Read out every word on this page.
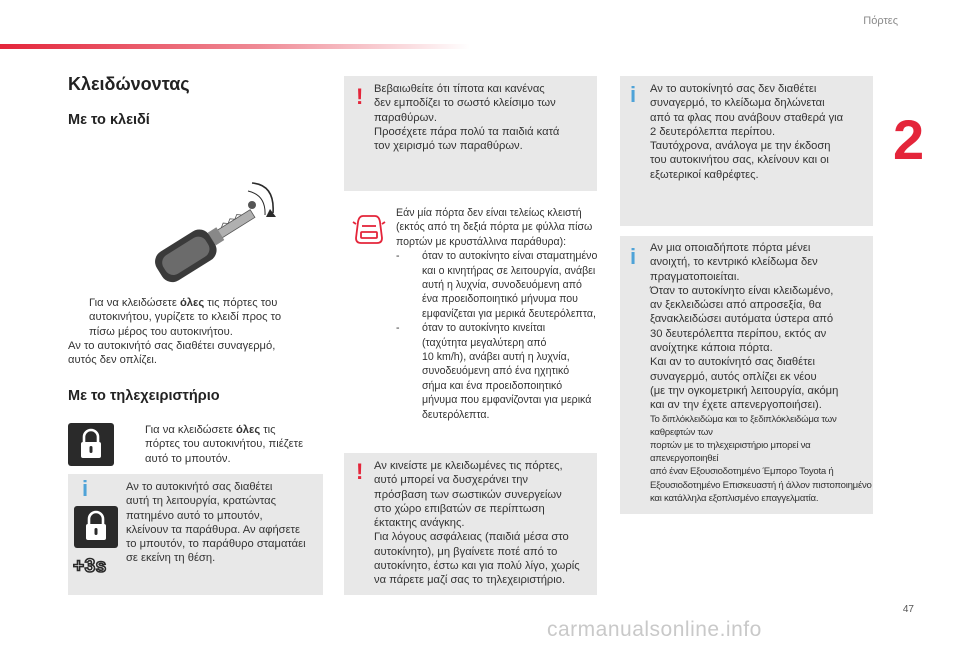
Πόρτες
2
Κλειδώνοντας
Με το κλειδί
Για να κλειδώσετε όλες τις πόρτες του
αυτοκινήτου, γυρίζετε το κλειδί προς το
πίσω μέρος του αυτοκινήτου.
Αν το αυτοκινήτό σας διαθέτει συναγερμό,
αυτός δεν οπλίζει.
Με το τηλεχειριστήριο
Για να κλειδώσετε όλες τις
πόρτες του αυτοκινήτου, πιέζετε
αυτό το μπουτόν.
i
+3s
Αν το αυτοκινήτό σας διαθέτει
αυτή τη λειτουργία, κρατώντας
πατημένο αυτό το μπουτόν,
κλείνουν τα παράθυρα. Αν αφήσετε
το μπουτόν, το παράθυρο σταματάει
σε εκείνη τη θέση.
! Βεβαιωθείτε ότι τίποτα και κανένας
δεν εμποδίζει το σωστό κλείσιμο των
παραθύρων.
Προσέχετε πάρα πολύ τα παιδιά κατά
τον χειρισμό των παραθύρων.
Εάν μία πόρτα δεν είναι τελείως κλειστή
(εκτός από τη δεξιά πόρτα με φύλλα πίσω
πορτών με κρυστάλλινα παράθυρα):
-	όταν το αυτοκίνητο είναι σταματημένο
και ο κινητήρας σε λειτουργία, ανάβει
αυτή η λυχνία, συνοδευόμενη από
ένα προειδοποιητικό μήνυμα που
εμφανίζεται για μερικά δευτερόλεπτα,
-	όταν το αυτοκίνητο κινείται
(ταχύτητα μεγαλύτερη από
10 km/h), ανάβει αυτή η λυχνία,
συνοδευόμενη από ένα ηχητικό
σήμα και ένα προειδοποιητικό
μήνυμα που εμφανίζονται για μερικά
δευτερόλεπτα.
! Αν κινείστε με κλειδωμένες τις πόρτες,
αυτό μπορεί να δυσχεράνει την
πρόσβαση των σωστικών συνεργείων
στο χώρο επιβατών σε περίπτωση
έκτακτης ανάγκης.
Για λόγους ασφάλειας (παιδιά μέσα στο
αυτοκίνητο), μη βγαίνετε ποτέ από το
αυτοκίνητο, έστω και για πολύ λίγο, χωρίς
να πάρετε μαζί σας το τηλεχειριστήριο.
i Αν το αυτοκίνητό σας δεν διαθέτει
συναγερμό, το κλείδωμα δηλώνεται
από τα φλας που ανάβουν σταθερά για
2 δευτερόλεπτα περίπου.
Ταυτόχρονα, ανάλογα με την έκδοση
του αυτοκινήτου σας, κλείνουν και οι
εξωτερικοί καθρέφτες.
i Αν μια οποιαδήποτε πόρτα μένει
ανοιχτή, το κεντρικό κλείδωμα δεν
πραγματοποιείται.
Όταν το αυτοκίνητο είναι κλειδωμένο,
αν ξεκλειδώσει από απροσεξία, θα
ξανακλειδώσει αυτόματα ύστερα από
30 δευτερόλεπτα περίπου, εκτός αν
ανοίχτηκε κάποια πόρτα.
Και αν το αυτοκίνητό σας διαθέτει
συναγερμό, αυτός οπλίζει εκ νέου
(με την ογκομετρική λειτουργία, ακόμη
και αν την έχετε απενεργοποιήσει).
Το διπλόκλειδώμα και το ξεδιπλόκλειδώμα των καθρεφτών των
πορτών με το τηλεχειριστήριο μπορεί να απενεργοποιηθεί
από έναν Εξουσιοδοτημένο Έμπορο Toyota ή
Εξουσιοδοτημένο Επισκευαστή ή άλλον πιστοποιημένο
και κατάλληλα εξοπλισμένο επαγγελματία.
47
carmanualsonline.info
